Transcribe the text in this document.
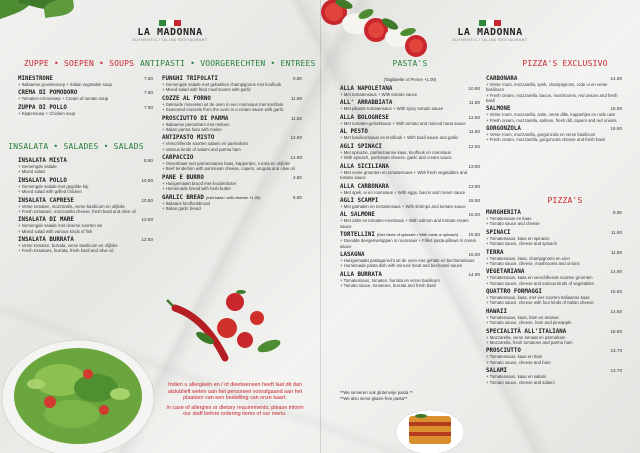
LA MADONNA
AUTHENTIC ITALIAN RESTAURANT
LA MADONNA
AUTHENTIC ITALIAN RESTAURANT
ZUPPE • SOEPEN • SOUPS
INSALATA • SALADES • SALADS
ANTIPASTI • VOORGERECHTEN • ENTREES	PASTA'S	PIZZA'S EXCLUSIVO
PIZZA'S
MINESTRONE	7.50
+ Italiaanse groentesoep + Italian vegetable soup
CREMA DI POMODORO	7.50
+ Tomaten-crèmesoep + Cream of tomato soup
ZUPPA DI POLLO	7.50
+ Kippensoep + Chicken soup
INSALATA MISTA	8.50
+ Gemengde salade
+ Mixed salad
INSALATA POLLO	10.90
+ Gemengde salade met gegrilde kip
+ Mixed salad with grilled chicken
INSALATA CAPRESE	10.50
+ Verse tomaten, mozzarella, verse basilicum en olijfolie
+ Fresh tomatoes, mozzarella cheese, fresh basil and olive oil
INSALATA DI MARE	13.50
+ Gemengde salade met diverse soorten vis
+ Mixed salad with various kinds of fish
INSALATA BURRATA	12.50
+ Verse tomaten, burrata, verse basilicum en olijfolie
+ Fresh tomatoes, burrata, fresh basil and olive oil
FUNGHI TRIFOLATI	9.50
+ Gemengde salade met gebakken champignons met knoflook
+ Mixed salad with fried mushrooms with garlic
COZZE AL FORNO	11.90
+ Gekruide mosselen uit de oven in een roomsaus met knoflook
+ Seasoned mussels from the oven in a cream sauce with garlic
PROSCIUTTO DI PARMA	11.50
+ Italiaanse parmaham met meloen
+ Italian parma ham with melon
ANTIPASTO MISTO	12.90
+ Verschillende soorten salami en parmaham
+ Various kinds of salami and parma ham
CARPACCIO	12.90
+ Ossenhaas met parmezaanse kaas, kappertjes, rucola en olijfolie
+ Beef tenderloin with parmesan cheese, capers, arugula and olive oil
PANE E BURRO	2.50
+ Huisgemaakt brood met kruidenboter
+ Homemade bread with herb butter
GARLIC BREAD (met kaas / with cheese +1.00)	5.50
+ Italiaans knoflookbrood
+ Italian garlic bread
(Tagliatelle or Penne +1.00)
ALLA NAPOLETANA	10.90
+ Met tomatensaus + With tomato sauce
ALL' ARRABBIATA	11.80
+ Met pikante tomatensaus + With spicy tomato sauce
ALLA BOLOGNESE	12.50
+ Met tomaten-gehaktsaus + With tomato and minced meat sauce
AL PESTO	11.80
+ Met basilicumsaus en knoflook + With basil sauce and garlic
AGLI SPINACI	12.50
+ Met spinazie, parmezaanse kaas, knoflook en roomsaus
+ With spinach, parmesan cheese, garlic and cream sauce
ALLA SICILIANA	13.90
+ Met verse groenten en tomatensaus + With fresh vegetables and tomato sauce
ALLA CARBONARA	13.80
+ Met spek, ei en roomsaus + With eggs, bacon and cream sauce
AGLI SCAMPI	15.50
+ Met garnalen en tomatensaus + With shrimps and tomato sauce
AL SALMONE	15.50
+ Met zalm en tomaten-roomsaus + With salmon and tomato-cream sauce
TORTELLINI (Met vlees of spinazie • With meat or spinach) 15.50
+ Gevulde deegenveloppen in roomsaus + Filled pasta-pillows in cream sauce
LASAGNA	15.90
+ Huisgemaakt pastagerecht uit de oven met gehakt en bechamelsaus
+ Homemade pasta dish with minced meat and bechamel sauce
ALLA BURRATA	14.90
+ Tomatensaus, tomaten, burrata en verse basilicum
+ Tomato sauce, tomatoes, burrata and fresh basil
**We serveren ook glutenvrije pasta **
**We also serve gluten-free pasta**
CARBONARA	14.90
+ Verse room, mozzarella, spek, champignons, rode ui en verse basilicum
+ Fresh cream, mozzarella, bacon, mushrooms, red onions and fresh basil
SALMONE	16.90
+ Verse room, mozzarella, zalm, verse dille, kappertjes en rode uien
+ Fresh cream, mozzarella, salmon, fresh dill, capers and red onions
GORGONZOLA	16.90
+ Verse room, mozzarella, gorgonzola en verse basilicum
+ Fresh cream, mozzarella, gorgonzola cheese and fresh basil
MARGHERITA	9.90
+ Tomatensaus en kaas
+ Tomato sauce and cheese
SPINACI	11.90
+ Tomatensaus, kaas en spinazie
+ Tomato sauce, cheese and spinach
TERRA	11.80
+ Tomatensaus, kaas, champignons en uien
+ Tomato sauce, cheese, mushrooms and onions
VEGETARIANA	14.90
+ Tomatensaus, kaas en verschillende soorten groenten
+ Tomato sauce, cheese and various kinds of vegetables
QUATTRO FORMAGGI	15.50
+ Tomatensaus, kaas, met vier soorten Italiaanse kaas
+ Tomato sauce, cheese with four kinds of Italian cheese
HAWAII	14.50
+ Tomatensaus, kaas, ham en ananas
+ Tomato sauce, cheese, ham and pineapple
SPECIALITÀ ALL'ITALIANA	16.90
+ Mozzarella, verse tomaat en parmaham
+ Mozzarella, fresh tomatoes and parma ham
PROSCIUTTO	13.70
+ Tomatensaus, kaas en ham
+ Tomato sauce, cheese and ham
SALAMI	13.70
+ Tomatensaus, kaas en salami
+ Tomato sauce, cheese and salami
Indien u allergieën en / of dieetwensen heeft laat dit dan alstublieft weten aan het personeel voorafgaand aan het plaatsen van een bestelling van onze kaart.
In case of allergies or dietary requirements, please inform our staff before ordering items of our menu.
